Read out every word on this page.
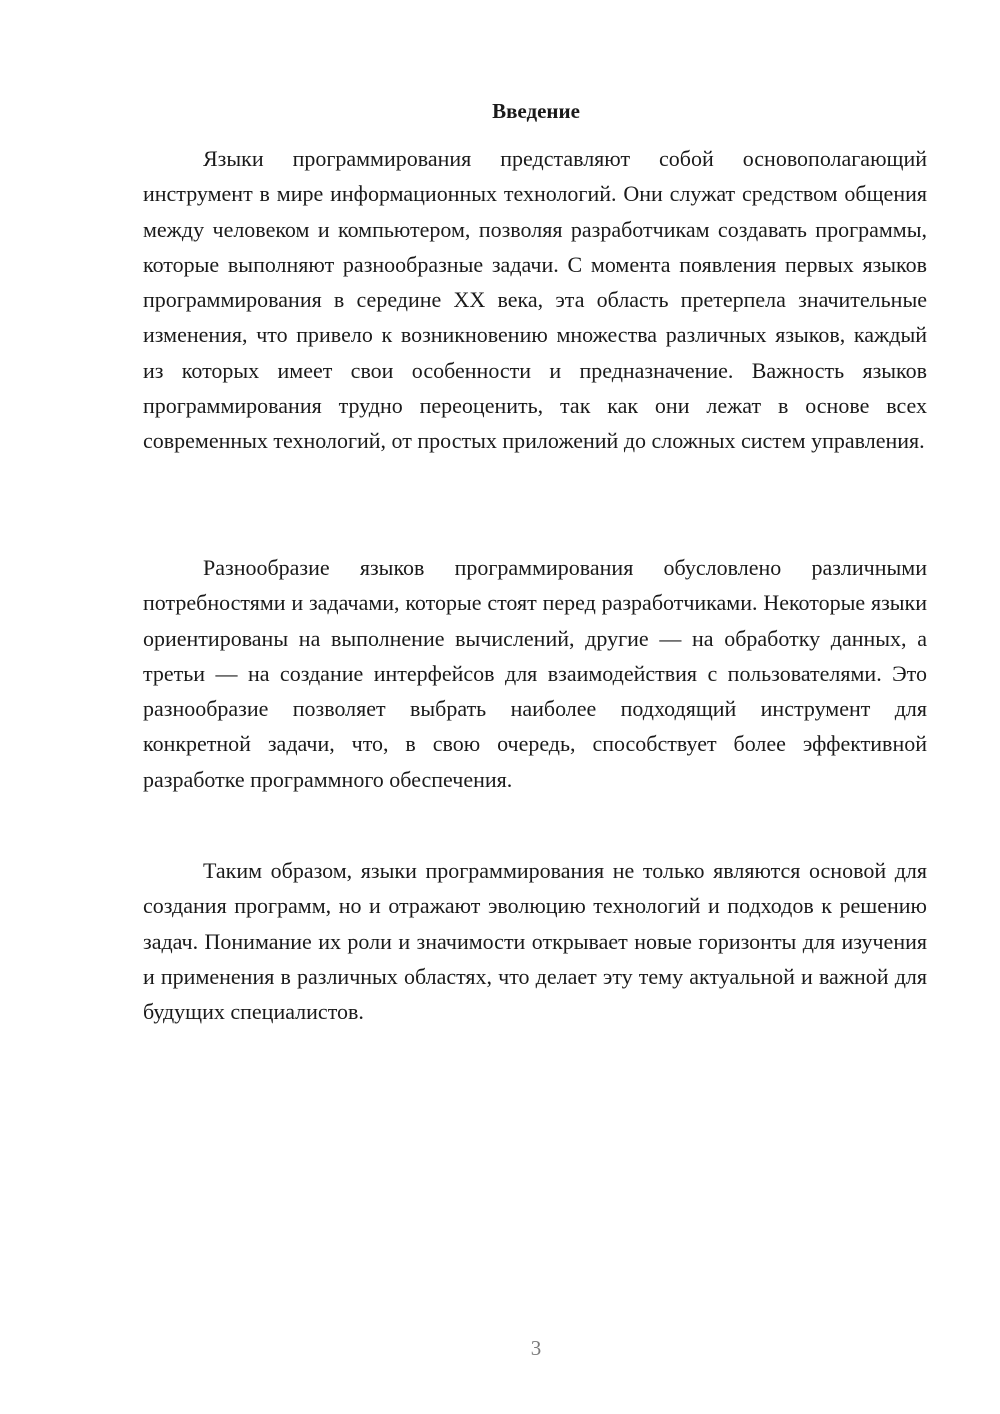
Введение

Языки программирования представляют собой основополагающий инструмент в мире информационных технологий. Они служат средством общения между человеком и компьютером, позволяя разработчикам создавать программы, которые выполняют разнообразные задачи. С момента появления первых языков программирования в середине XX века, эта область претерпела значительные изменения, что привело к возникновению множества различных языков, каждый из которых имеет свои особенности и предназначение. Важность языков программирования трудно переоценить, так как они лежат в основе всех современных технологий, от простых приложений до сложных систем управления.

Разнообразие языков программирования обусловлено различными потребностями и задачами, которые стоят перед разработчиками. Некоторые языки ориентированы на выполнение вычислений, другие — на обработку данных, а третьи — на создание интерфейсов для взаимодействия с пользователями. Это разнообразие позволяет выбрать наиболее подходящий инструмент для конкретной задачи, что, в свою очередь, способствует более эффективной разработке программного обеспечения.

Таким образом, языки программирования не только являются основой для создания программ, но и отражают эволюцию технологий и подходов к решению задач. Понимание их роли и значимости открывает новые горизонты для изучения и применения в различных областях, что делает эту тему актуальной и важной для будущих специалистов.

3
